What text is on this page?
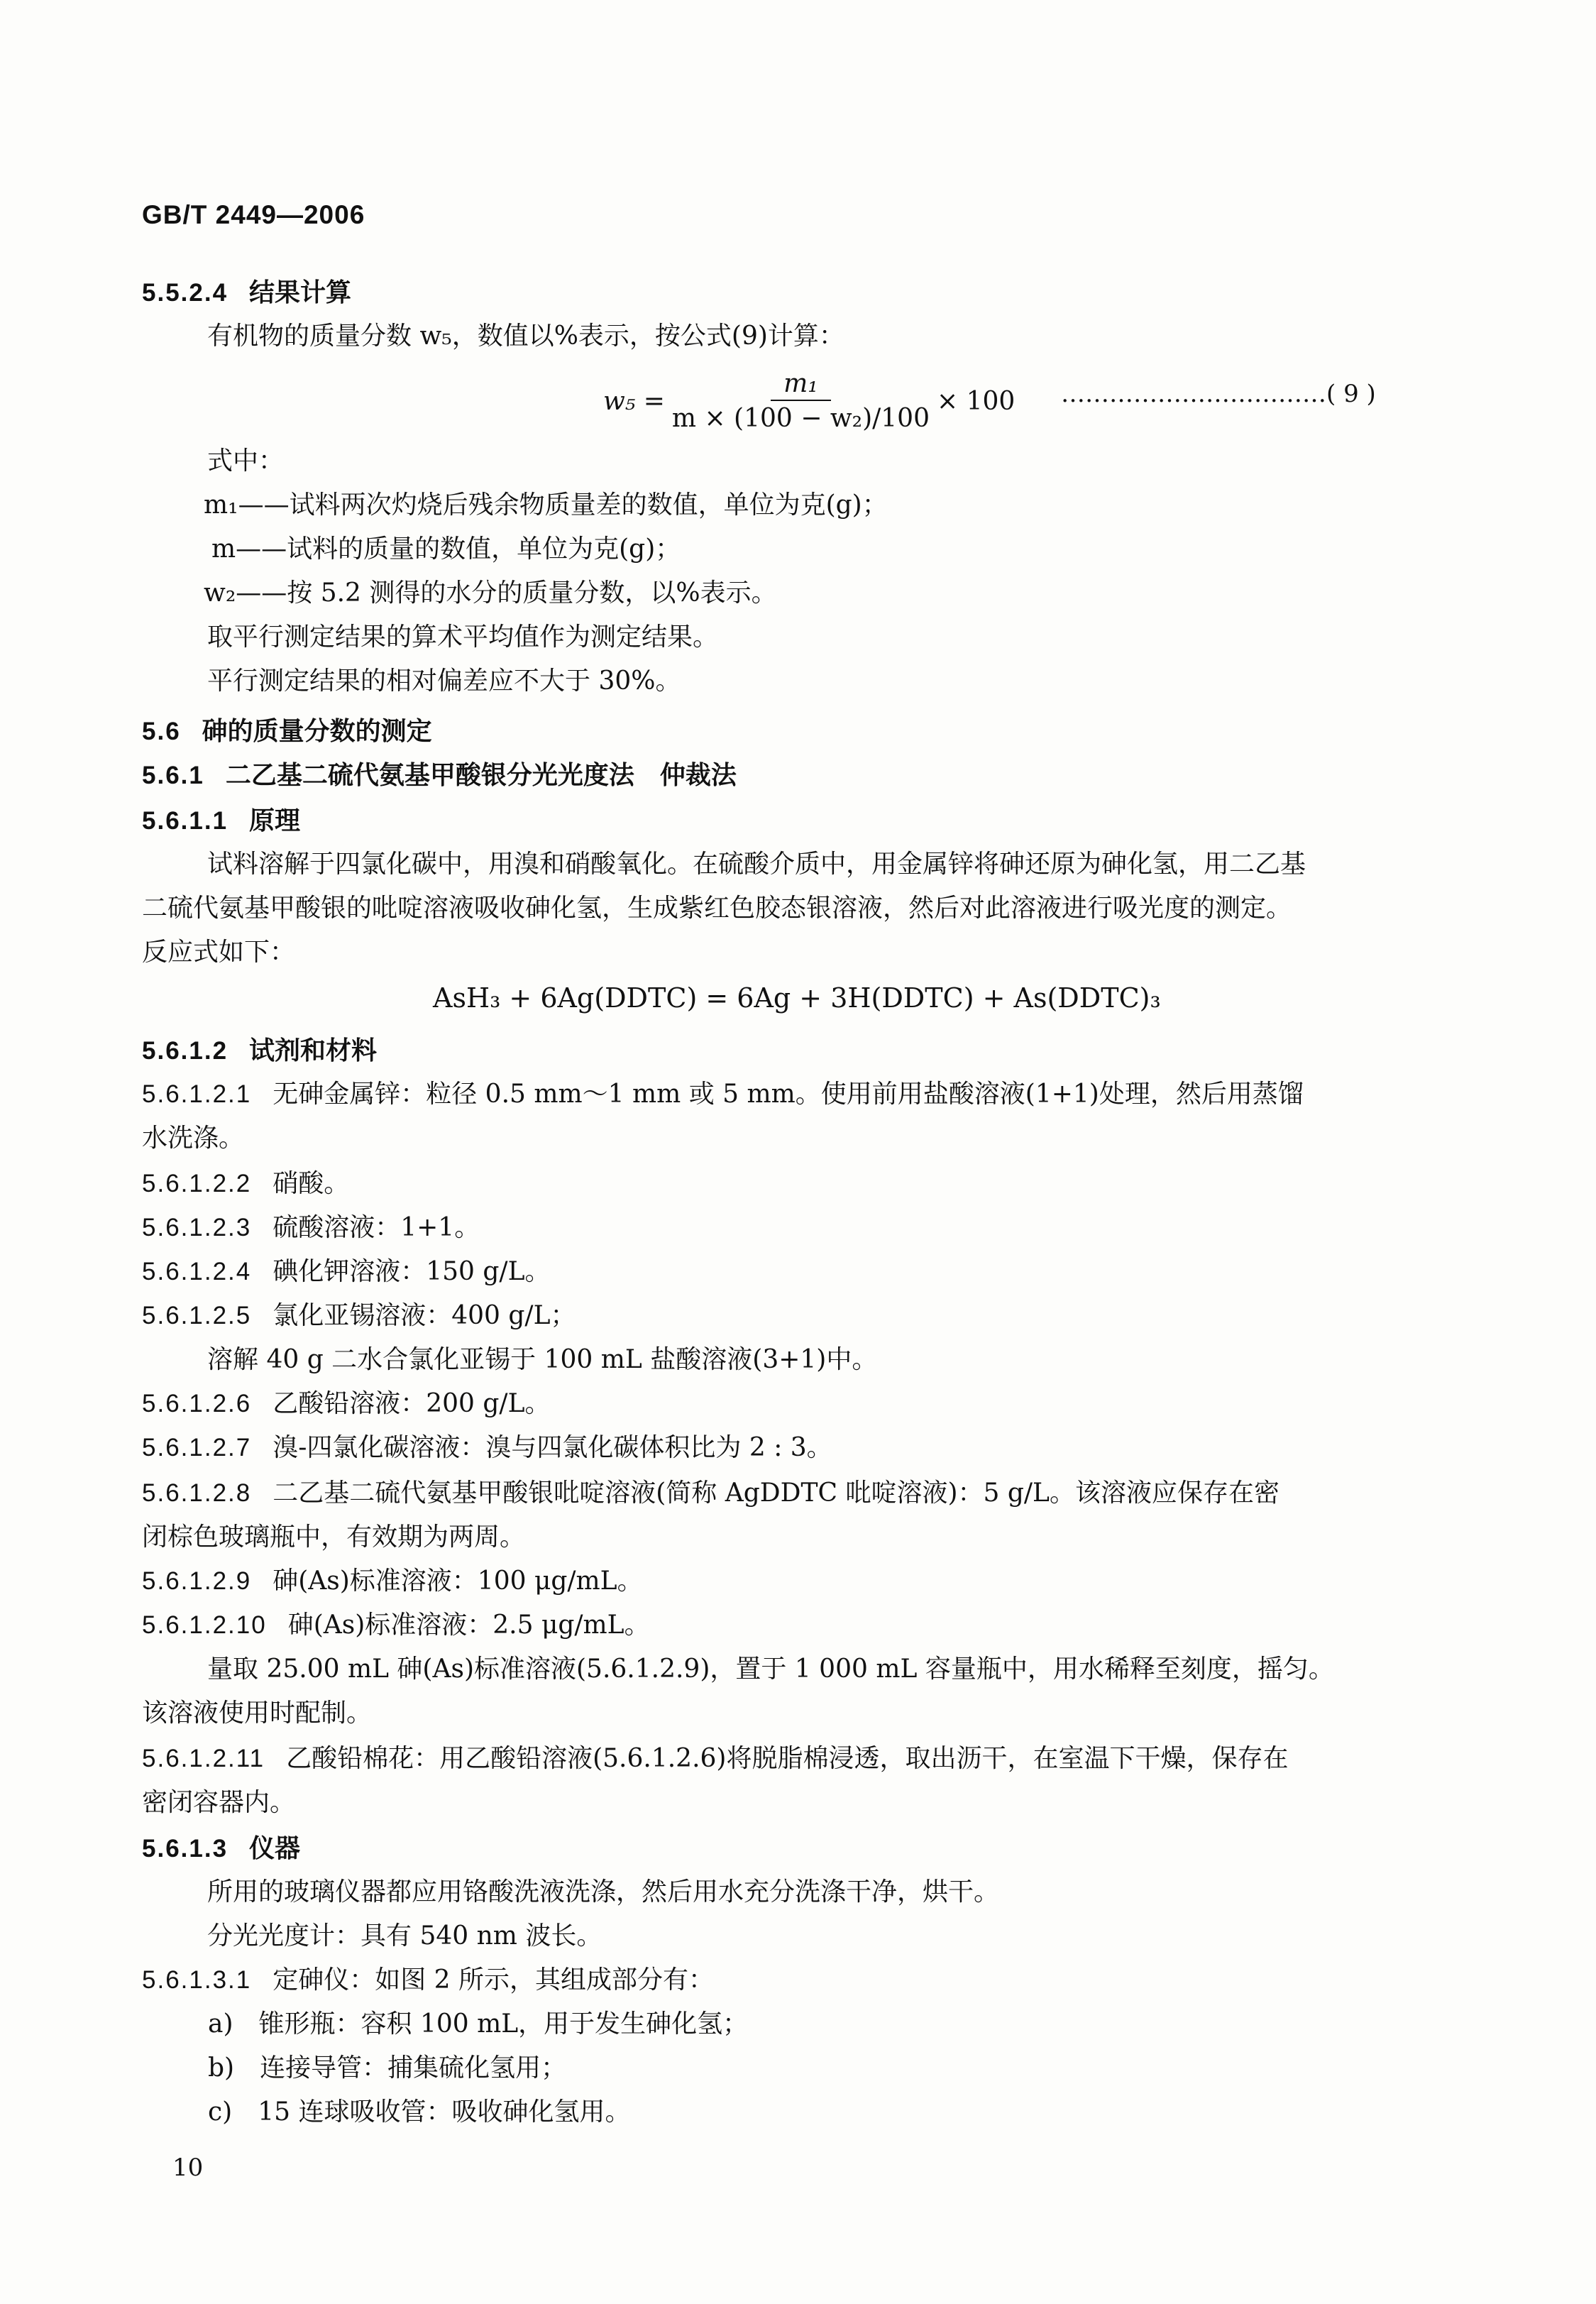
GB/T 2449—2006
5.5.2.4 结果计算
有机物的质量分数 w₅，数值以%表示，按公式(9)计算：
$w_5 = \frac{\text{m₁}}{\text{m × (100 − w₂)/100}} \times 100$ ……………………………( 9 )
式中：
m₁——试料两次灼烧后残余物质量差的数值，单位为克(g)；
m——试料的质量的数值，单位为克(g)；
w₂——按 5.2 测得的水分的质量分数，以%表示。
取平行测定结果的算术平均值作为测定结果。
平行测定结果的相对偏差应不大于 30%。
5.6 砷的质量分数的测定
5.6.1 二乙基二硫代氨基甲酸银分光光度法　仲裁法
5.6.1.1 原理
试料溶解于四氯化碳中，用溴和硝酸氧化。在硫酸介质中，用金属锌将砷还原为砷化氢，用二乙基
二硫代氨基甲酸银的吡啶溶液吸收砷化氢，生成紫红色胶态银溶液，然后对此溶液进行吸光度的测定。
反应式如下：
AsH₃ + 6Ag(DDTC) = 6Ag + 3H(DDTC) + As(DDTC)₃
5.6.1.2 试剂和材料
5.6.1.2.1 无砷金属锌：粒径 0.5 mm～1 mm 或 5 mm。使用前用盐酸溶液(1+1)处理，然后用蒸馏
水洗涤。
5.6.1.2.2 硝酸。
5.6.1.2.3 硫酸溶液：1+1。
5.6.1.2.4 碘化钾溶液：150 g/L。
5.6.1.2.5 氯化亚锡溶液：400 g/L；
溶解 40 g 二水合氯化亚锡于 100 mL 盐酸溶液(3+1)中。
5.6.1.2.6 乙酸铅溶液：200 g/L。
5.6.1.2.7 溴-四氯化碳溶液：溴与四氯化碳体积比为 2 : 3。
5.6.1.2.8 二乙基二硫代氨基甲酸银吡啶溶液(简称 AgDDTC 吡啶溶液)：5 g/L。该溶液应保存在密
闭棕色玻璃瓶中，有效期为两周。
5.6.1.2.9 砷(As)标准溶液：100 μg/mL。
5.6.1.2.10 砷(As)标准溶液：2.5 μg/mL。
量取 25.00 mL 砷(As)标准溶液(5.6.1.2.9)，置于 1 000 mL 容量瓶中，用水稀释至刻度，摇匀。
该溶液使用时配制。
5.6.1.2.11 乙酸铅棉花：用乙酸铅溶液(5.6.1.2.6)将脱脂棉浸透，取出沥干，在室温下干燥，保存在
密闭容器内。
5.6.1.3 仪器
所用的玻璃仪器都应用铬酸洗液洗涤，然后用水充分洗涤干净，烘干。
分光光度计：具有 540 nm 波长。
5.6.1.3.1 定砷仪：如图 2 所示，其组成部分有：
a)　锥形瓶：容积 100 mL，用于发生砷化氢；
b)　连接导管：捕集硫化氢用；
c)　15 连球吸收管：吸收砷化氢用。
10
